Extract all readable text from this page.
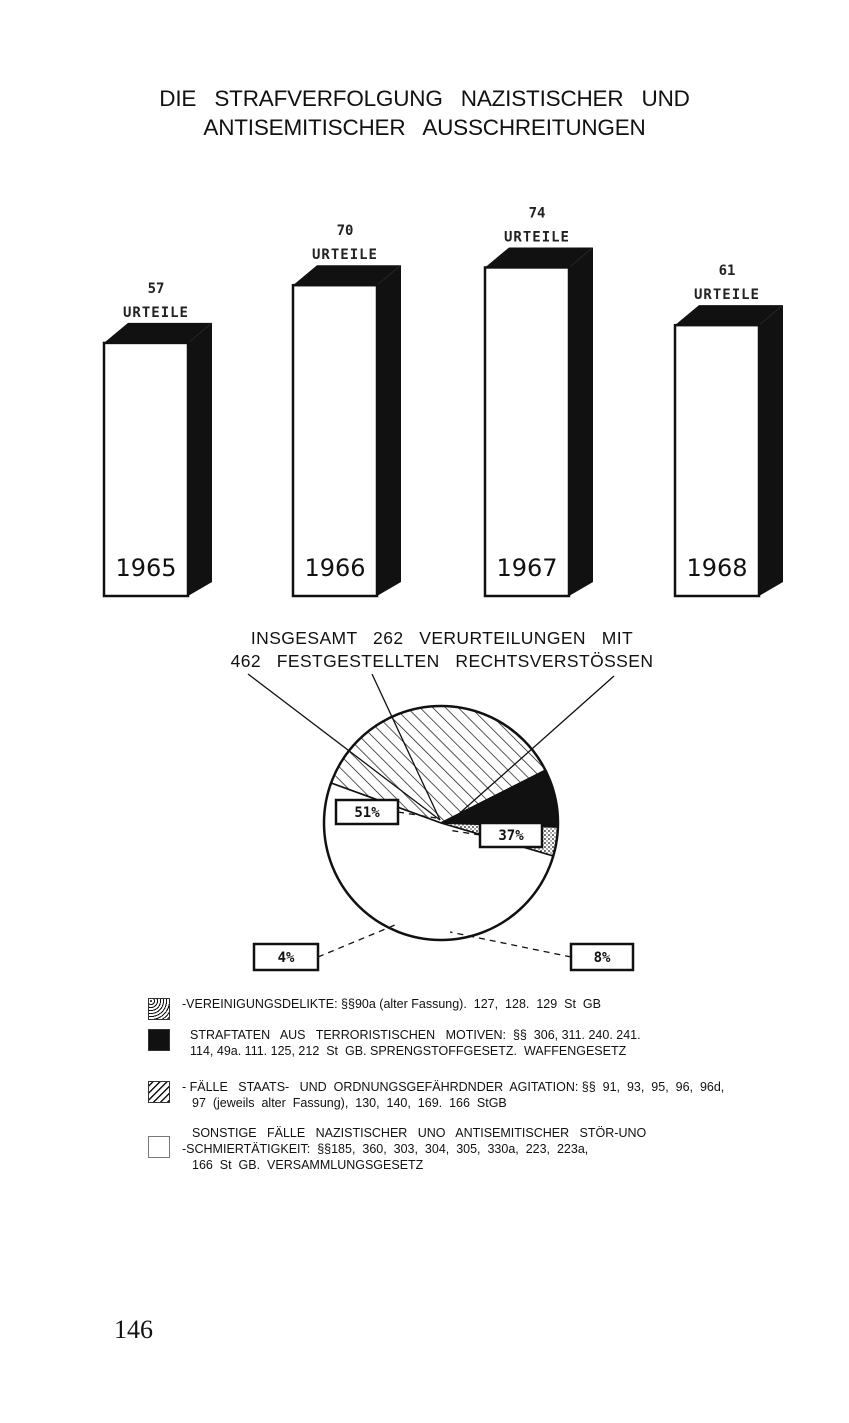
DIE   STRAFVERFOLGUNG   NAZISTISCHER   UND
ANTISEMITISCHER   AUSSCHREITUNGEN
1965
57
URTEILE
1966
70
URTEILE
1967
74
URTEILE
1968
61
URTEILE
INSGESAMT   262   VERURTEILUNGEN   MIT
462   FESTGESTELLTEN   RECHTSVERSTÖSSEN
37%
8%
4%
51%
-VEREINIGUNGSDELIKTE: §§90a (alter Fassung).  127,  128.  129  St  GB
STRAFTATEN   AUS   TERRORISTISCHEN   MOTIVEN:  §§  306, 311. 240. 241.
114, 49a. 111. 125, 212  St  GB. SPRENGSTOFFGESETZ.  WAFFENGESETZ
- FÄLLE   STAATS-   UND  ORDNUNGSGEFÄHRDNDER  AGITATION: §§  91,  93,  95,  96,  96d,
97  (jeweils  alter  Fassung),  130,  140,  169.  166  StGB
SONSTIGE   FÄLLE   NAZISTISCHER   UNO   ANTISEMITISCHER   STÖR-UNO
-SCHMIERTÄTIGKEIT:  §§185,  360,  303,  304,  305,  330a,  223,  223a,
166  St  GB.  VERSAMMLUNGSGESETZ
146
